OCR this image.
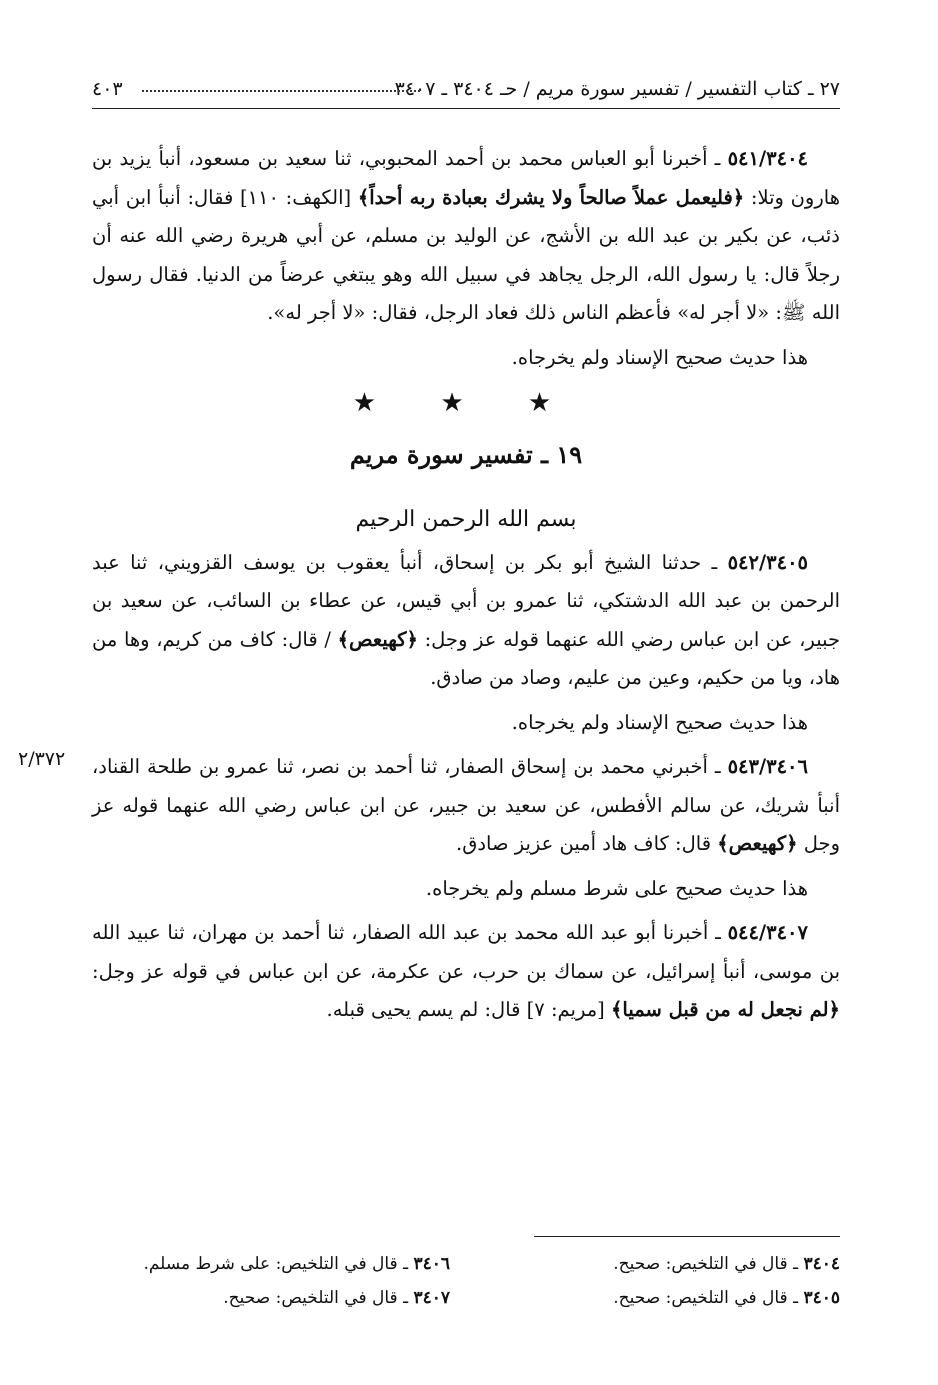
٢٧ ـ كتاب التفسير / تفسير سورة مريم / حـ ٣٤٠٤ ـ ٣٤٠٧
٤٠٣

٥٤١/٣٤٠٤ ـ أخبرنا أبو العباس محمد بن أحمد المحبوبي، ثنا سعيد بن مسعود، أنبأ يزيد بن هارون وتلا: ﴿فليعمل عملاً صالحاً ولا يشرك بعبادة ربه أحداً﴾ [الكهف: ١١٠] فقال: أنبأ ابن أبي ذئب، عن بكير بن عبد الله بن الأشج، عن الوليد بن مسلم، عن أبي هريرة رضي الله عنه أن رجلاً قال: يا رسول الله، الرجل يجاهد في سبيل الله وهو يبتغي عرضاً من الدنيا. فقال رسول الله ﷺ: «لا أجر له» فأعظم الناس ذلك فعاد الرجل، فقال: «لا أجر له».

هذا حديث صحيح الإسناد ولم يخرجاه.

★ ★ ★

١٩ ـ تفسير سورة مريم

بسم الله الرحمن الرحيم

٥٤٢/٣٤٠٥ ـ حدثنا الشيخ أبو بكر بن إسحاق، أنبأ يعقوب بن يوسف القزويني، ثنا عبد الرحمن بن عبد الله الدشتكي، ثنا عمرو بن أبي قيس، عن عطاء بن السائب، عن سعيد بن جبير، عن ابن عباس رضي الله عنهما قوله عز وجل: ﴿كهيعص﴾ / قال: كاف من كريم، وها من هاد، ويا من حكيم، وعين من عليم، وصاد من صادق.

هذا حديث صحيح الإسناد ولم يخرجاه.

٥٤٣/٣٤٠٦ ـ أخبرني محمد بن إسحاق الصفار، ثنا أحمد بن نصر، ثنا عمرو بن طلحة القناد، أنبأ شريك، عن سالم الأفطس، عن سعيد بن جبير، عن ابن عباس رضي الله عنهما قوله عز وجل ﴿كهيعص﴾ قال: كاف هاد أمين عزيز صادق.

هذا حديث صحيح على شرط مسلم ولم يخرجاه.

٥٤٤/٣٤٠٧ ـ أخبرنا أبو عبد الله محمد بن عبد الله الصفار، ثنا أحمد بن مهران، ثنا عبيد الله بن موسى، أنبأ إسرائيل، عن سماك بن حرب، عن عكرمة، عن ابن عباس في قوله عز وجل: ﴿لم نجعل له من قبل سميا﴾ [مريم: ٧] قال: لم يسم يحيى قبله.

٢/٣٧٢
٣٤٠٤ ـ قال في التلخيص: صحيح.
٣٤٠٦ ـ قال في التلخيص: على شرط مسلم.
٣٤٠٥ ـ قال في التلخيص: صحيح.
٣٤٠٧ ـ قال في التلخيص: صحيح.
